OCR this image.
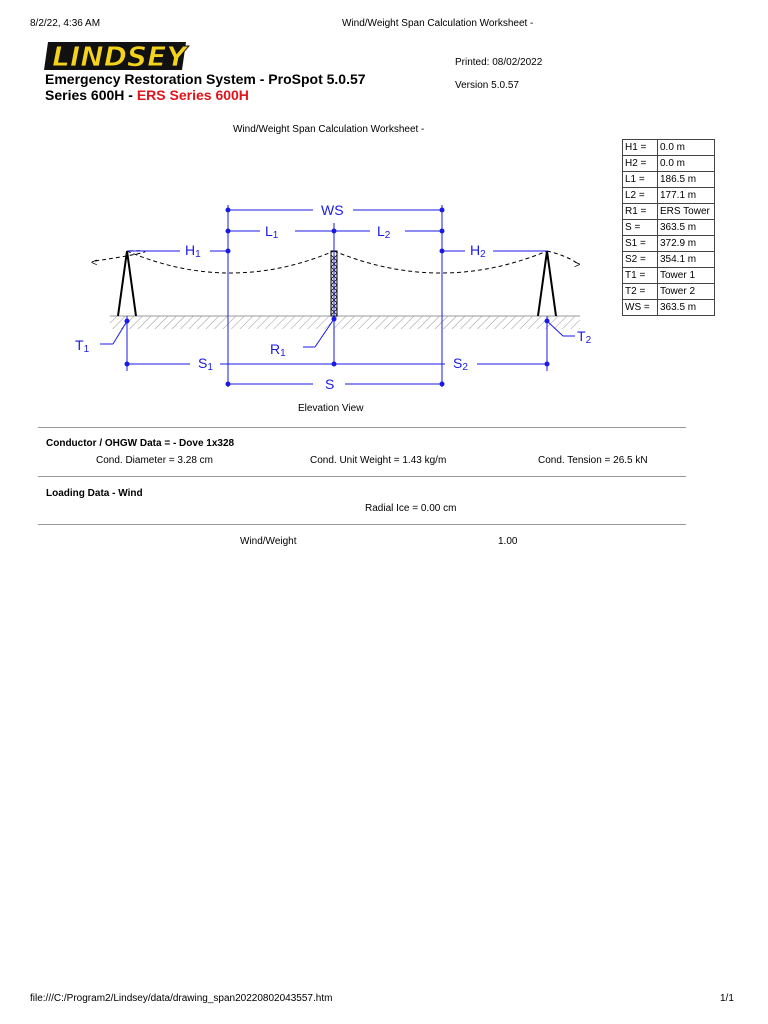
8/2/22, 4:36 AM	Wind/Weight Span Calculation Worksheet -
LINDSEY
Emergency Restoration System - ProSpot 5.0.57
Series 600H - ERS Series 600H
Printed: 08/02/2022
Version 5.0.57
Wind/Weight Span Calculation Worksheet -
H1 =	0.0 m
H2 =	0.0 m
L1 =	186.5 m
L2 =	177.1 m
R1 =	ERS Tower
S =	363.5 m
S1 =	372.9 m
S2 =	354.1 m
T1 =	Tower 1
T2 =	Tower 2
WS =	363.5 m
<	>
WS
L1	L2
H1	H2
T1
T2
R1
S1	S2
S
Elevation View
Conductor / OHGW Data = - Dove 1x328
Cond. Diameter = 3.28 cm	Cond. Unit Weight = 1.43 kg/m	Cond. Tension = 26.5 kN
Loading Data - Wind
Radial Ice = 0.00 cm
Wind/Weight	1.00
file:///C:/Program2/Lindsey/data/drawing_span20220802043557.htm	1/1
